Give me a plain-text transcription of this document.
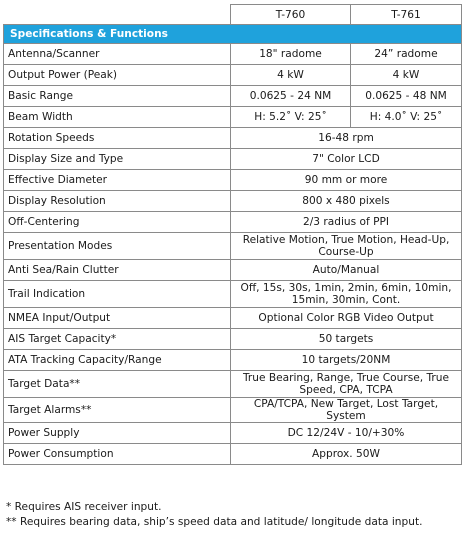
	T-760	T-761
Specifications & Functions		
Antenna/Scanner	18" radome	24” radome
Output Power (Peak)	4 kW	4 kW
Basic Range	0.0625 - 24 NM	0.0625 - 48 NM
Beam Width	H: 5.2˚ V: 25˚	H: 4.0˚ V: 25˚
Rotation Speeds	16-48 rpm	
Display Size and Type	7" Color LCD	
Effective Diameter	90 mm or more	
Display Resolution	800 x 480 pixels	
Off-Centering	2/3 radius of PPI	
Presentation Modes	Relative Motion, True Motion, Head-Up,
Course-Up	
Anti Sea/Rain Clutter	Auto/Manual	
Trail Indication	Off, 15s, 30s, 1min, 2min, 6min, 10min,
15min, 30min, Cont.	
NMEA Input/Output	Optional Color RGB Video Output	
AIS Target Capacity*	50 targets	
ATA Tracking Capacity/Range	10 targets/20NM	
Target Data**	True Bearing, Range, True Course, True
Speed, CPA, TCPA	
Target Alarms**	CPA/TCPA, New Target, Lost Target, System	
Power Supply	DC 12/24V - 10/+30%	
Power Consumption	Approx. 50W	
* Requires AIS receiver input.
** Requires bearing data, ship’s speed data and latitude/ longitude data input.
